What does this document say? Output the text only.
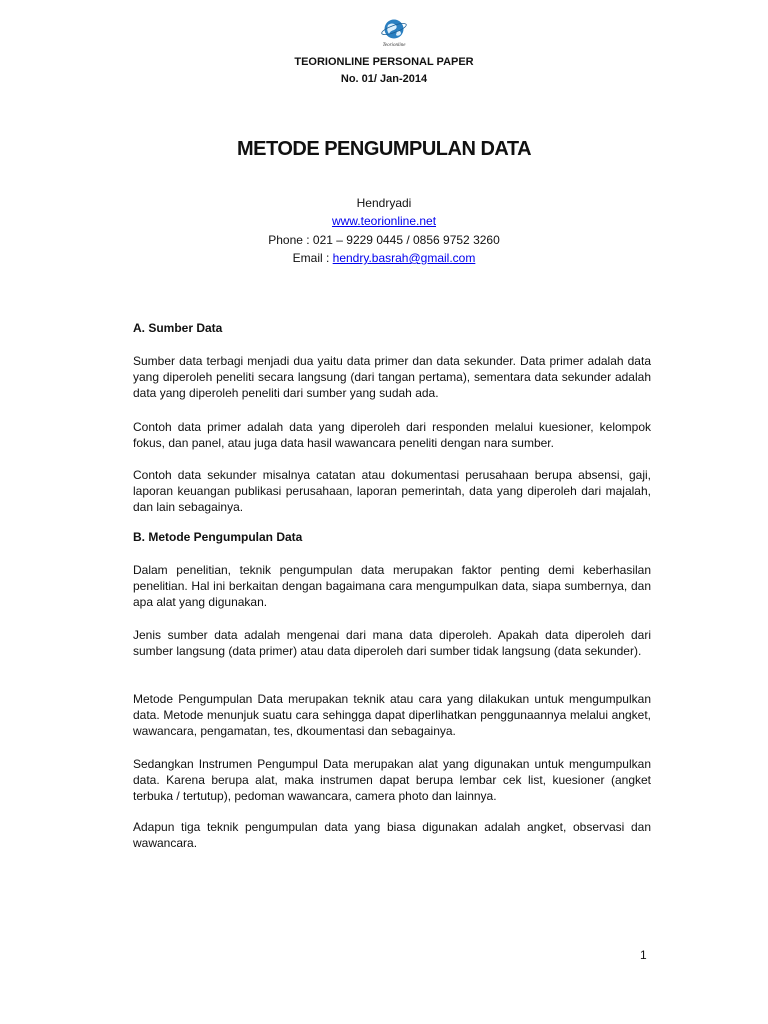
Teorionline
TEORIONLINE PERSONAL PAPER
No. 01/ Jan-2014
METODE PENGUMPULAN DATA
Hendryadi
www.teorionline.net
Phone : 021 – 9229 0445 / 0856 9752 3260
Email : hendry.basrah@gmail.com
A. Sumber Data
Sumber data terbagi menjadi dua yaitu data primer dan data sekunder. Data primer adalah data yang diperoleh peneliti secara langsung (dari tangan pertama), sementara data sekunder adalah data yang diperoleh peneliti dari sumber yang sudah ada.
Contoh data primer adalah data yang diperoleh dari responden melalui kuesioner, kelompok fokus, dan panel, atau juga data hasil wawancara peneliti dengan nara sumber.
Contoh data sekunder misalnya catatan atau dokumentasi perusahaan berupa absensi, gaji, laporan keuangan publikasi perusahaan, laporan pemerintah, data yang diperoleh dari majalah, dan lain sebagainya.
B. Metode Pengumpulan Data
Dalam penelitian, teknik pengumpulan data merupakan faktor penting demi keberhasilan penelitian. Hal ini berkaitan dengan bagaimana cara mengumpulkan data, siapa sumbernya, dan apa alat yang digunakan.
Jenis sumber data adalah mengenai dari mana data diperoleh. Apakah data diperoleh dari sumber langsung (data primer) atau data diperoleh dari sumber tidak langsung (data sekunder).
Metode Pengumpulan Data merupakan teknik atau cara yang dilakukan untuk mengumpulkan data. Metode menunjuk suatu cara sehingga dapat diperlihatkan penggunaannya melalui angket, wawancara, pengamatan, tes, dkoumentasi dan sebagainya.
Sedangkan Instrumen Pengumpul Data merupakan alat yang digunakan untuk mengumpulkan data. Karena berupa alat, maka instrumen dapat berupa lembar cek list, kuesioner (angket terbuka / tertutup), pedoman wawancara, camera photo dan lainnya.
Adapun tiga teknik pengumpulan data yang biasa digunakan adalah angket, observasi dan wawancara.
1
